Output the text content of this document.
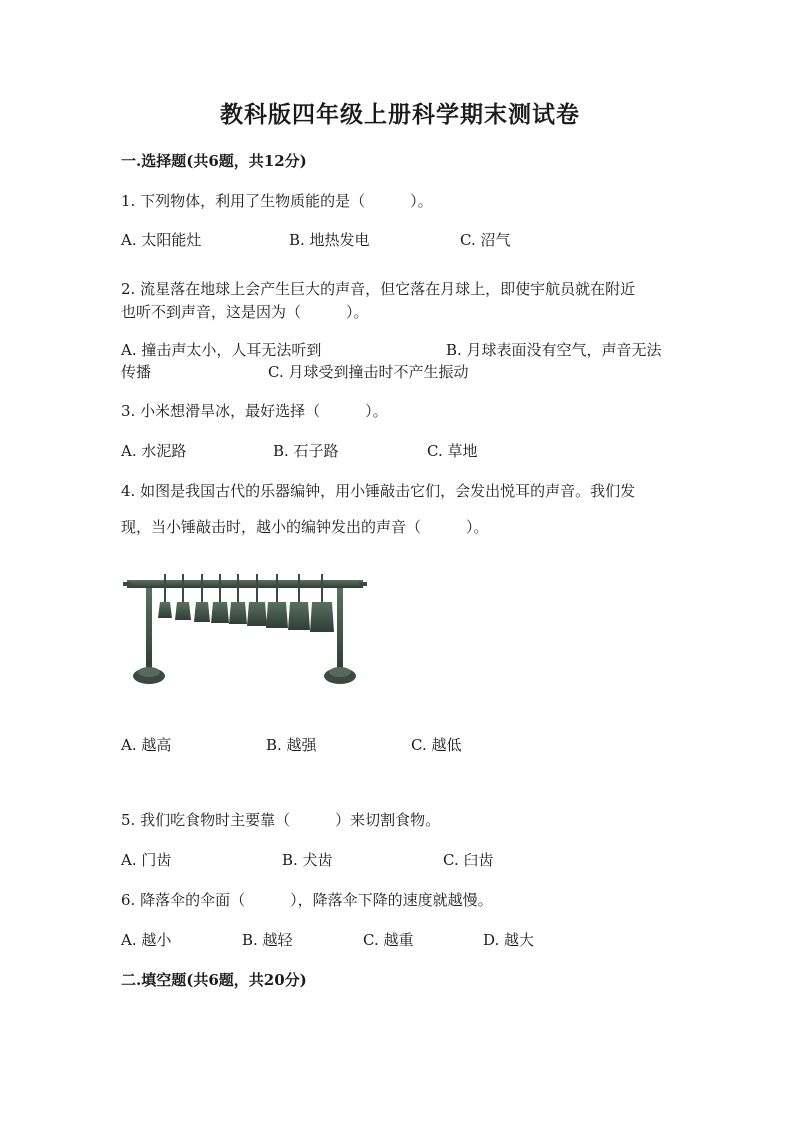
教科版四年级上册科学期末测试卷
一.选择题(共6题，共12分)
1. 下列物体，利用了生物质能的是（　　　）。
A. 太阳能灶	B. 地热发电	C. 沼气
2. 流星落在地球上会产生巨大的声音，但它落在月球上，即使宇航员就在附近
也听不到声音，这是因为（　　　）。
A. 撞击声太小，人耳无法听到	B. 月球表面没有空气，声音无法
传播	C. 月球受到撞击时不产生振动
3. 小米想滑旱冰，最好选择（　　　）。
A. 水泥路	B. 石子路	C. 草地
4. 如图是我国古代的乐器编钟，用小锤敲击它们，会发出悦耳的声音。我们发
现，当小锤敲击时，越小的编钟发出的声音（　　　）。
A. 越高	B. 越强	C. 越低
5. 我们吃食物时主要靠（　　　）来切割食物。
A. 门齿	B. 犬齿	C. 臼齿
6. 降落伞的伞面（　　　），降落伞下降的速度就越慢。
A. 越小	B. 越轻	C. 越重	D. 越大
二.填空题(共6题，共20分)
